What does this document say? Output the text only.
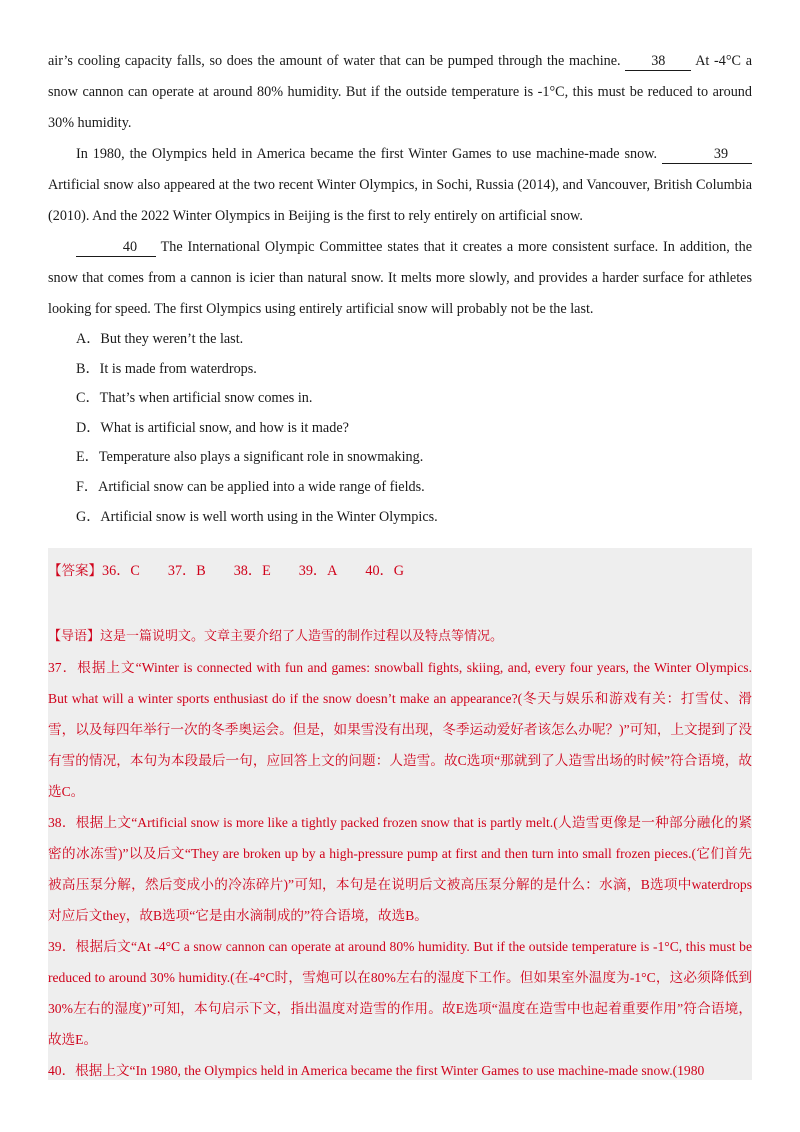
air’s cooling capacity falls, so does the amount of water that can be pumped through the machine. 38 At -4°C a snow cannon can operate at around 80% humidity. But if the outside temperature is -1°C, this must be reduced to around 30% humidity.

In 1980, the Olympics held in America became the first Winter Games to use machine-made snow.	39 Artificial snow also appeared at the two recent Winter Olympics, in Sochi, Russia (2014), and Vancouver, British Columbia (2010). And the 2022 Winter Olympics in Beijing is the first to rely entirely on artificial snow.

40 The International Olympic Committee states that it creates a more consistent surface. In addition, the snow that comes from a cannon is icier than natural snow. It melts more slowly, and provides a harder surface for athletes looking for speed. The first Olympics using entirely artificial snow will probably not be the last.

A．But they weren’t the last.
B．It is made from waterdrops.
C．That’s when artificial snow comes in.
D．What is artificial snow, and how is it made?
E．Temperature also plays a significant role in snowmaking.
F．Artificial snow can be applied into a wide range of fields.
G．Artificial snow is well worth using in the Winter Olympics.
【答案】36．C 37．B 38．E 39．A 40．G

【导语】这是一篇说明文。文章主要介绍了人造雪的制作过程以及特点等情况。

37．根据上文“Winter is connected with fun and games: snowball fights, skiing, and, every four years, the Winter Olympics. But what will a winter sports enthusiast do if the snow doesn’t make an appearance?(冬天与娱乐和游戏有关：打雪仗、滑雪，以及每四年举行一次的冬季奥运会。但是，如果雪没有出现，冬季运动爱好者该怎么办呢？)”可知，上文提到了没有雪的情况，本句为本段最后一句，应回答上文的问题：人造雪。故C选项“那就到了人造雪出场的时候”符合语境，故选C。

38．根据上文“Artificial snow is more like a tightly packed frozen snow that is partly melt.(人造雪更像是一种部分融化的紧密的冰冻雪)”以及后文“They are broken up by a high-pressure pump at first and then turn into small frozen pieces.(它们首先被高压泵分解，然后变成小的冷冻碎片)”可知，本句是在说明后文被高压泵分解的是什么：水滴，B选项中waterdrops对应后文they，故B选项“它是由水滴制成的”符合语境，故选B。

39．根据后文“At -4°C a snow cannon can operate at around 80% humidity. But if the outside temperature is -1°C, this must be reduced to around 30% humidity.(在-4°C时，雪炮可以在80%左右的湿度下工作。但如果室外温度为-1°C，这必须降低到30%左右的湿度)”可知，本句启示下文，指出温度对造雪的作用。故E选项“温度在造雪中也起着重要作用”符合语境，故选E。

40．根据上文“In 1980, the Olympics held in America became the first Winter Games to use machine-made snow.(1980
